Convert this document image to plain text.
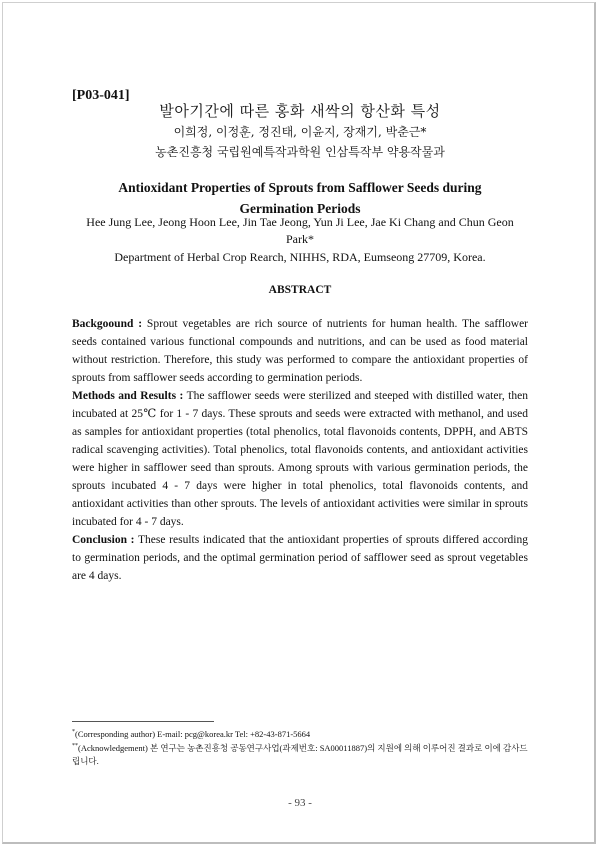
[P03-041]
발아기간에 따른 홍화 새싹의 항산화 특성
이희정, 이정훈, 정진태, 이윤지, 장재기, 박춘근*
농촌진흥청 국립원예특작과학원 인삼특작부 약용작물과
Antioxidant Properties of Sprouts from Safflower Seeds during Germination Periods
Hee Jung Lee, Jeong Hoon Lee, Jin Tae Jeong, Yun Ji Lee, Jae Ki Chang and Chun Geon Park*
Department of Herbal Crop Rearch, NIHHS, RDA, Eumseong 27709, Korea.
ABSTRACT

Backgoound : Sprout vegetables are rich source of nutrients for human health. The safflower seeds contained various functional compounds and nutritions, and can be used as food material without restriction. Therefore, this study was performed to compare the antioxidant properties of sprouts from safflower seeds according to germination periods.

Methods and Results : The safflower seeds were sterilized and steeped with distilled water, then incubated at 25℃ for 1 - 7 days. These sprouts and seeds were extracted with methanol, and used as samples for antioxidant properties (total phenolics, total flavonoids contents, DPPH, and ABTS radical scavenging activities). Total phenolics, total flavonoids contents, and antioxidant activities were higher in safflower seed than sprouts. Among sprouts with various germination periods, the sprouts incubated 4 - 7 days were higher in total phenolics, total flavonoids contents, and antioxidant activities than other sprouts. The levels of antioxidant activities were similar in sprouts incubated for 4 - 7 days.

Conclusion : These results indicated that the antioxidant properties of sprouts differed according to germination periods, and the optimal germination period of safflower seed as sprout vegetables are 4 days.

*(Corresponding author) E-mail: pcg@korea.kr Tel: +82-43-871-5664
**(Acknowledgement) 본 연구는 농촌진흥청 공동연구사업(과제번호: SA00011887)의 지원에 의해 이루어진 결과로 이에 감사드립니다.
- 93 -
